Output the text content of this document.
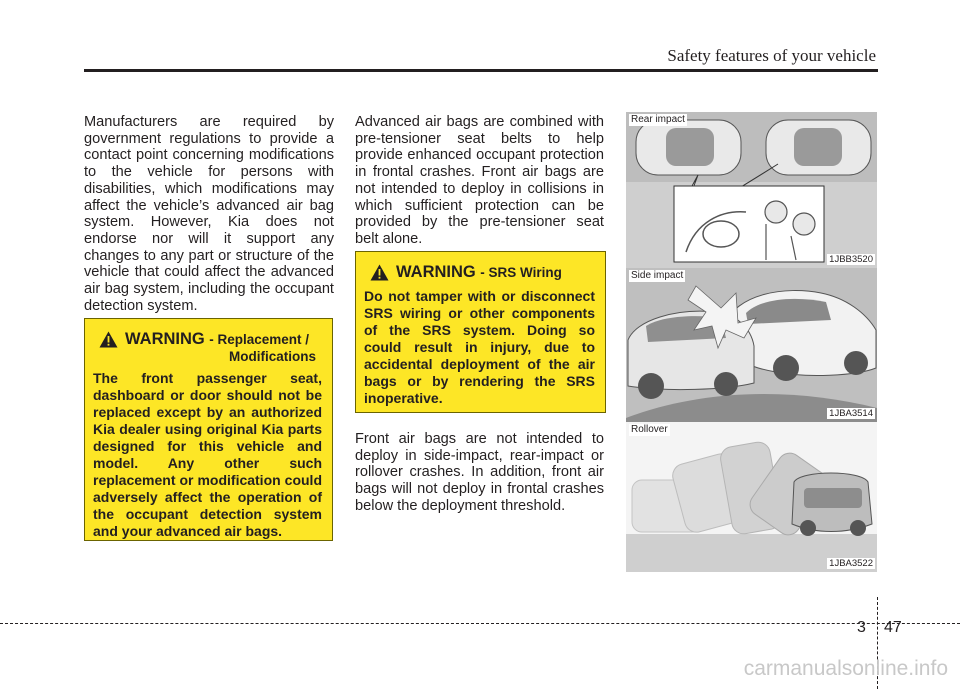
Safety features of your vehicle

Manufacturers are required by government regulations to provide a contact point concerning modifications to the vehicle for persons with disabilities, which modifications may affect the vehicle’s advanced air bag system. However, Kia does not endorse nor will it support any changes to any part or structure of the vehicle that could affect the advanced air bag system, including the occupant detection system.

WARNING - Replacement /
Modifications
The front passenger seat, dashboard or door should not be replaced except by an authorized Kia dealer using original Kia parts designed for this vehicle and model. Any other such replacement or modification could adversely affect the operation of the occupant detection system and your advanced air bags.

Advanced air bags are combined with pre-tensioner seat belts to help provide enhanced occupant protection in frontal crashes. Front air bags are not intended to deploy in collisions in which sufficient protection can be provided by the pre-tensioner seat belt alone.

WARNING - SRS Wiring
Do not tamper with or disconnect SRS wiring or other components of the SRS system. Doing so could result in injury, due to accidental deployment of the air bags or by rendering the SRS inoperative.

Front air bags are not intended to deploy in side-impact, rear-impact or rollover crashes. In addition, front air bags will not deploy in frontal crashes below the deployment threshold.

Rear impact
1JBB3520
Side impact
1JBA3514
Rollover
1JBA3522
3 47
carmanualsonline.info
